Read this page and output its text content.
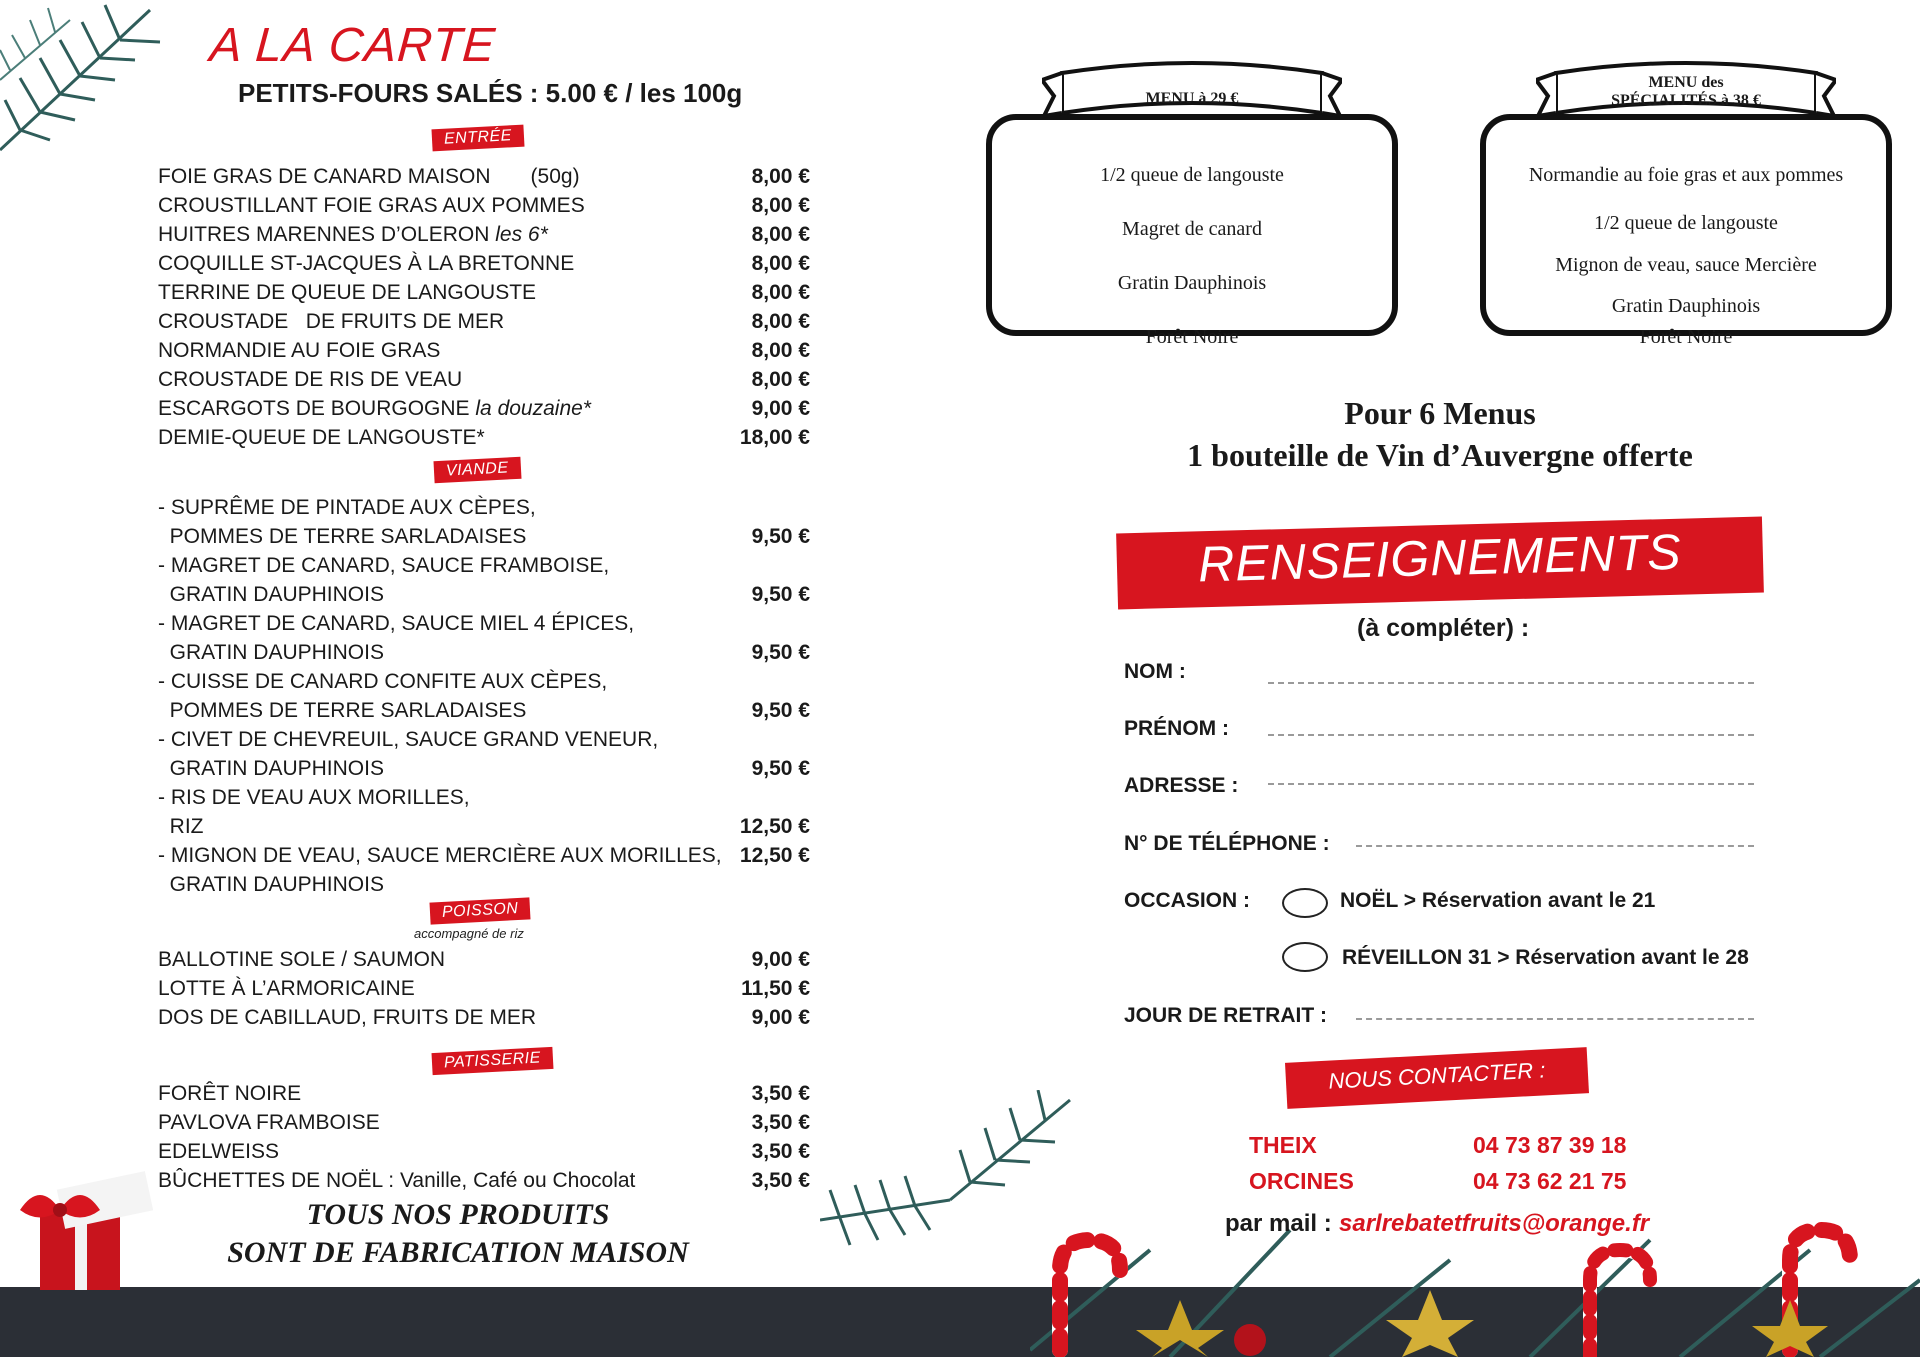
A LA CARTE
PETITS-FOURS SALÉS : 5.00 € / les 100g
ENTRÉE
FOIE GRAS DE CANARD MAISON (50g)	8,00 €
CROUSTILLANT FOIE GRAS AUX POMMES	8,00 €
HUITRES MARENNES D’OLERON les 6*	8,00 €
COQUILLE ST-JACQUES À LA BRETONNE	8,00 €
TERRINE DE QUEUE DE LANGOUSTE	8,00 €
CROUSTADE   DE FRUITS DE MER	8,00 €
NORMANDIE AU FOIE GRAS	8,00 €
CROUSTADE DE RIS DE VEAU	8,00 €
ESCARGOTS DE BOURGOGNE la douzaine*	9,00 €
DEMIE-QUEUE DE LANGOUSTE*	18,00 €
VIANDE
- SUPRÊME DE PINTADE AUX CÈPES,
POMMES DE TERRE SARLADAISES	9,50 €
- MAGRET DE CANARD, SAUCE FRAMBOISE,
GRATIN DAUPHINOIS	9,50 €
- MAGRET DE CANARD, SAUCE MIEL 4 ÉPICES,
GRATIN DAUPHINOIS	9,50 €
- CUISSE DE CANARD CONFITE AUX CÈPES,
POMMES DE TERRE SARLADAISES	9,50 €
- CIVET DE CHEVREUIL, SAUCE GRAND VENEUR,
GRATIN DAUPHINOIS	9,50 €
- RIS DE VEAU AUX MORILLES,
RIZ	12,50 €
- MIGNON DE VEAU, SAUCE MERCIÈRE AUX MORILLES, 12,50 €
GRATIN DAUPHINOIS
POISSON
accompagné de riz
BALLOTINE SOLE / SAUMON	9,00 €
LOTTE À L’ARMORICAINE	11,50 €
DOS DE CABILLAUD, FRUITS DE MER	9,00 €
PATISSERIE
FORÊT NOIRE	3,50 €
PAVLOVA FRAMBOISE	3,50 €
EDELWEISS	3,50 €
BÛCHETTES DE NOËL : Vanille, Café ou Chocolat	3,50 €
TOUS NOS PRODUITS
SONT DE FABRICATION MAISON
1/2 queue de langouste
Magret de canard
Gratin Dauphinois
Forêt Noire
MENU à 29 €
Normandie au foie gras et aux pommes
1/2 queue de langouste
Mignon de veau, sauce Mercière
Gratin Dauphinois
Forêt Noire
MENU des
SPÉCIALITÉS à 38 €
Pour 6 Menus
1 bouteille de Vin d’Auvergne offerte
RENSEIGNEMENTS
(à compléter) :
NOM :
PRÉNOM :
ADRESSE :
N° DE TÉLÉPHONE :
OCCASION :	NOËL > Réservation avant le 21
RÉVEILLON 31 > Réservation avant le 28
JOUR DE RETRAIT :
NOUS CONTACTER :
THEIX	04 73 87 39 18
ORCINES	04 73 62 21 75
par mail : sarlrebatetfruits@orange.fr
